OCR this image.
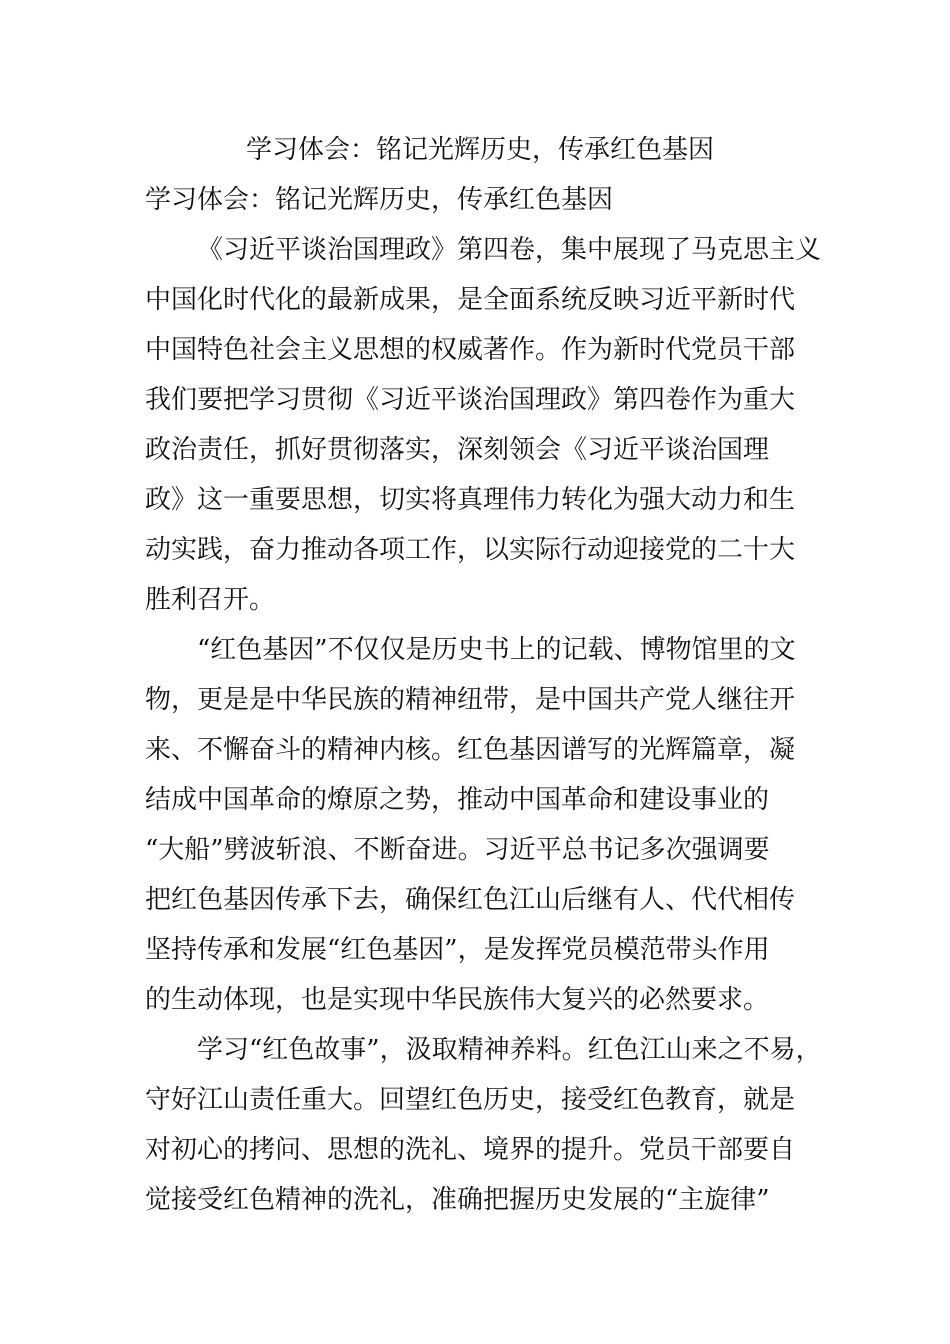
学习体会：铭记光辉历史，传承红色基因
学习体会：铭记光辉历史，传承红色基因
《习近平谈治国理政》第四卷，集中展现了马克思主义
中国化时代化的最新成果，是全面系统反映习近平新时代
中国特色社会主义思想的权威著作。作为新时代党员干部
我们要把学习贯彻《习近平谈治国理政》第四卷作为重大
政治责任，抓好贯彻落实，深刻领会《习近平谈治国理
政》这一重要思想，切实将真理伟力转化为强大动力和生
动实践，奋力推动各项工作，以实际行动迎接党的二十大
胜利召开。
“红色基因”不仅仅是历史书上的记载、博物馆里的文
物，更是是中华民族的精神纽带，是中国共产党人继往开
来、不懈奋斗的精神内核。红色基因谱写的光辉篇章，凝
结成中国革命的燎原之势，推动中国革命和建设事业的
“大船”劈波斩浪、不断奋进。习近平总书记多次强调要
把红色基因传承下去，确保红色江山后继有人、代代相传
坚持传承和发展“红色基因”，是发挥党员模范带头作用
的生动体现，也是实现中华民族伟大复兴的必然要求。
学习“红色故事”，汲取精神养料。红色江山来之不易，
守好江山责任重大。回望红色历史，接受红色教育，就是
对初心的拷问、思想的洗礼、境界的提升。党员干部要自
觉接受红色精神的洗礼，准确把握历史发展的“主旋律”
